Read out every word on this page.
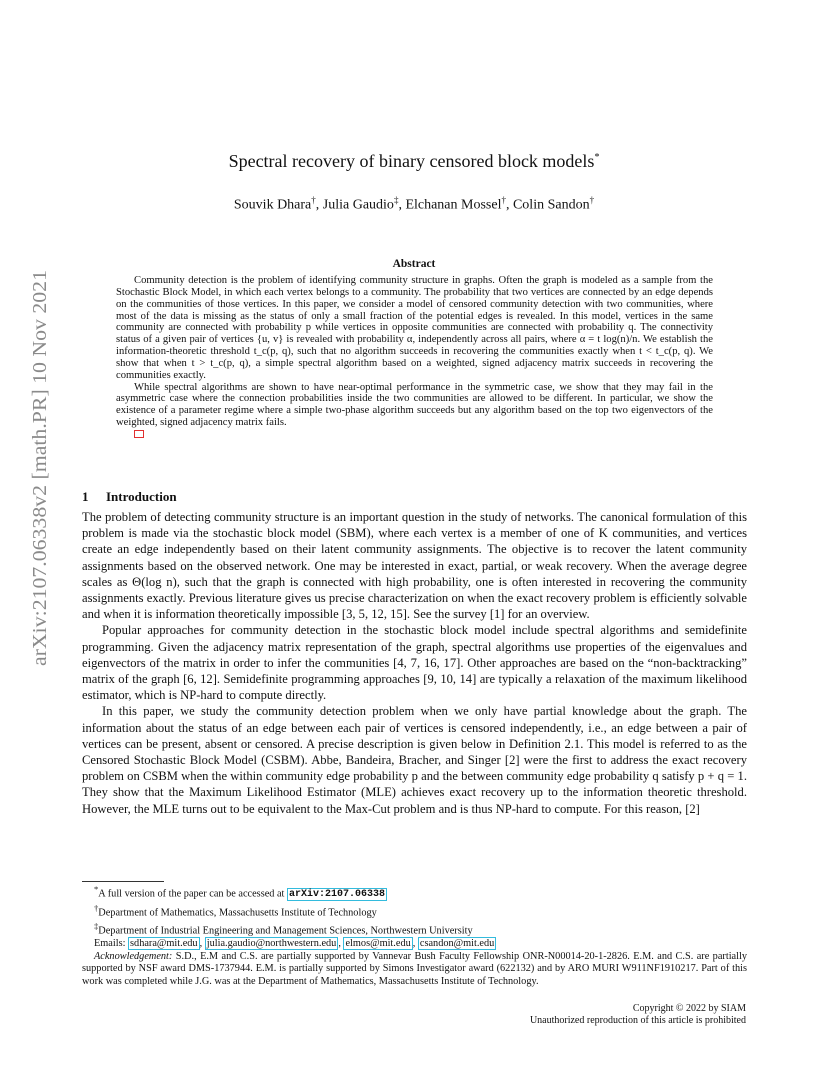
arXiv:2107.06338v2 [math.PR] 10 Nov 2021
Spectral recovery of binary censored block models*
Souvik Dhara†, Julia Gaudio‡, Elchanan Mossel†, Colin Sandon†
Abstract

Community detection is the problem of identifying community structure in graphs. Often the graph is modeled as a sample from the Stochastic Block Model, in which each vertex belongs to a community. The probability that two vertices are connected by an edge depends on the communities of those vertices. In this paper, we consider a model of censored community detection with two communities, where most of the data is missing as the status of only a small fraction of the potential edges is revealed. In this model, vertices in the same community are connected with probability p while vertices in opposite communities are connected with probability q. The connectivity status of a given pair of vertices {u, v} is revealed with probability α, independently across all pairs, where α = t log(n)/n. We establish the information-theoretic threshold t_c(p, q), such that no algorithm succeeds in recovering the communities exactly when t < t_c(p, q). We show that when t > t_c(p, q), a simple spectral algorithm based on a weighted, signed adjacency matrix succeeds in recovering the communities exactly.

While spectral algorithms are shown to have near-optimal performance in the symmetric case, we show that they may fail in the asymmetric case where the connection probabilities inside the two communities are allowed to be different. In particular, we show the existence of a parameter regime where a simple two-phase algorithm succeeds but any algorithm based on the top two eigenvectors of the weighted, signed adjacency matrix fails.

1 Introduction

The problem of detecting community structure is an important question in the study of networks. The canonical formulation of this problem is made via the stochastic block model (SBM), where each vertex is a member of one of K communities, and vertices create an edge independently based on their latent community assignments. The objective is to recover the latent community assignments based on the observed network. One may be interested in exact, partial, or weak recovery. When the average degree scales as Θ(log n), such that the graph is connected with high probability, one is often interested in recovering the community assignments exactly. Previous literature gives us precise characterization on when the exact recovery problem is efficiently solvable and when it is information theoretically impossible [3, 5, 12, 15]. See the survey [1] for an overview.

Popular approaches for community detection in the stochastic block model include spectral algorithms and semidefinite programming. Given the adjacency matrix representation of the graph, spectral algorithms use properties of the eigenvalues and eigenvectors of the matrix in order to infer the communities [4, 7, 16, 17]. Other approaches are based on the “non-backtracking” matrix of the graph [6, 12]. Semidefinite programming approaches [9, 10, 14] are typically a relaxation of the maximum likelihood estimator, which is NP-hard to compute directly.

In this paper, we study the community detection problem when we only have partial knowledge about the graph. The information about the status of an edge between each pair of vertices is censored independently, i.e., an edge between a pair of vertices can be present, absent or censored. A precise description is given below in Definition 2.1. This model is referred to as the Censored Stochastic Block Model (CSBM). Abbe, Bandeira, Bracher, and Singer [2] were the first to address the exact recovery problem on CSBM when the within community edge probability p and the between community edge probability q satisfy p + q = 1. They show that the Maximum Likelihood Estimator (MLE) achieves exact recovery up to the information theoretic threshold. However, the MLE turns out to be equivalent to the Max-Cut problem and is thus NP-hard to compute. For this reason, [2]

*A full version of the paper can be accessed at arXiv:2107.06338
†Department of Mathematics, Massachusetts Institute of Technology
‡Department of Industrial Engineering and Management Sciences, Northwestern University
Emails: sdhara@mit.edu , julia.gaudio@northwestern.edu , elmos@mit.edu , csandon@mit.edu
Acknowledgement: S.D., E.M and C.S. are partially supported by Vannevar Bush Faculty Fellowship ONR-N00014-20-1-2826. E.M. and C.S. are partially supported by NSF award DMS-1737944. E.M. is partially supported by Simons Investigator award (622132) and by ARO MURI W911NF1910217. Part of this work was completed while J.G. was at the Department of Mathematics, Massachusetts Institute of Technology.
Copyright © 2022 by SIAM
Unauthorized reproduction of this article is prohibited
